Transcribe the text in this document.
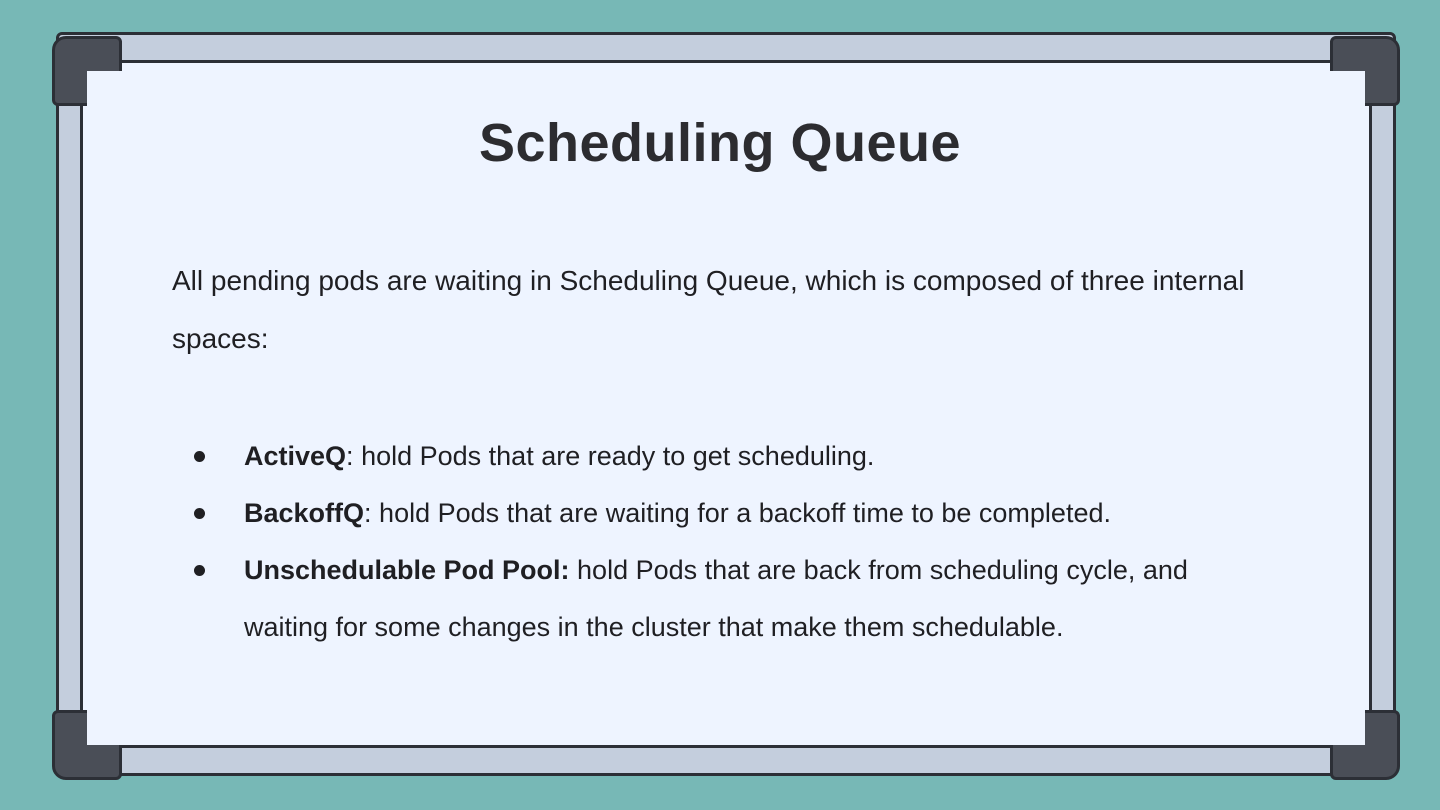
Scheduling Queue
All pending pods are waiting in Scheduling Queue, which is composed of three internal spaces:
ActiveQ: hold Pods that are ready to get scheduling.
BackoffQ: hold Pods that are waiting for a backoff time to be completed.
Unschedulable Pod Pool: hold Pods that are back from scheduling cycle, and waiting for some changes in the cluster that make them schedulable.
